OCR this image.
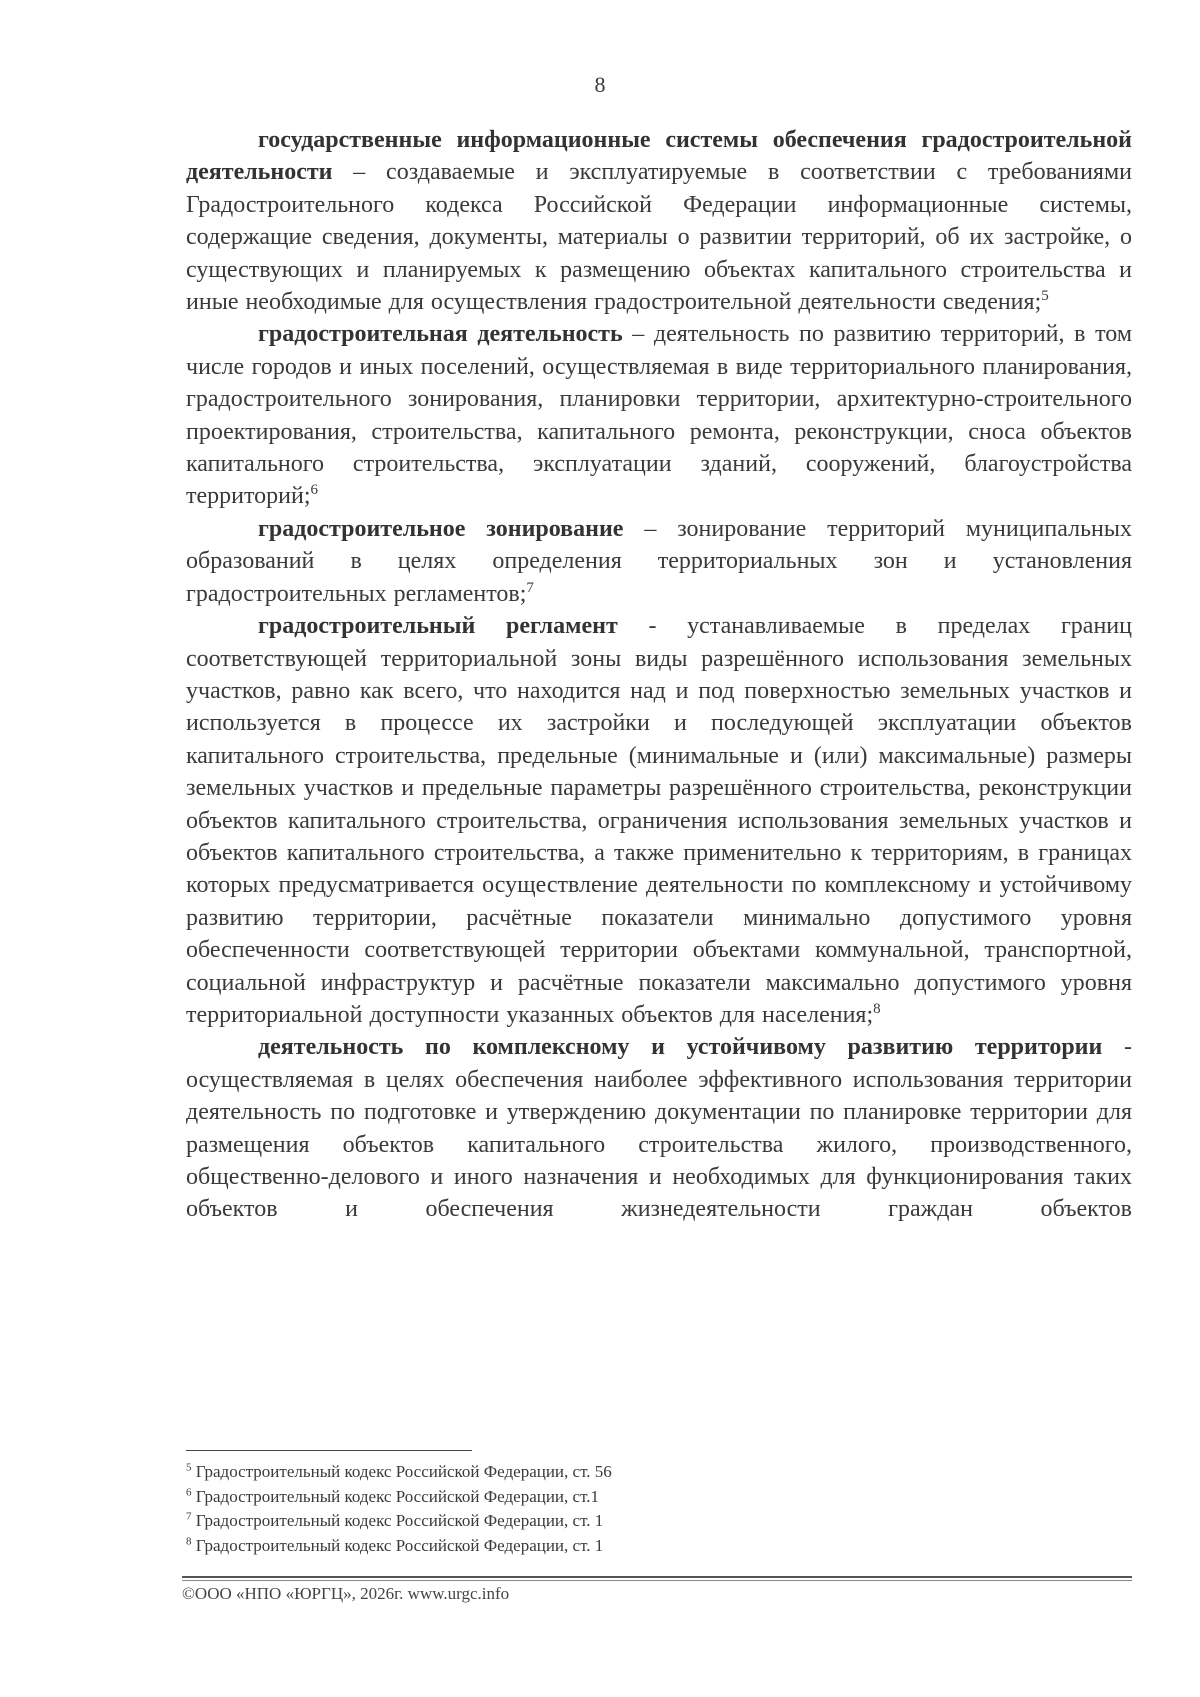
8

государственные информационные системы обеспечения градостроительной деятельности – создаваемые и эксплуатируемые в соответствии с требованиями Градостроительного кодекса Российской Федерации информационные системы, содержащие сведения, документы, материалы о развитии территорий, об их застройке, о существующих и планируемых к размещению объектах капитального строительства и иные необходимые для осуществления градостроительной деятельности сведения;$^5$

градостроительная деятельность – деятельность по развитию территорий, в том числе городов и иных поселений, осуществляемая в виде территориального планирования, градостроительного зонирования, планировки территории, архитектурно-строительного проектирования, строительства, капитального ремонта, реконструкции, сноса объектов капитального строительства, эксплуатации зданий, сооружений, благоустройства территорий;$^6$

градостроительное зонирование – зонирование территорий муниципальных образований в целях определения территориальных зон и установления градостроительных регламентов;$^7$

градостроительный регламент - устанавливаемые в пределах границ соответствующей территориальной зоны виды разрешённого использования земельных участков, равно как всего, что находится над и под поверхностью земельных участков и используется в процессе их застройки и последующей эксплуатации объектов капитального строительства, предельные (минимальные и (или) максимальные) размеры земельных участков и предельные параметры разрешённого строительства, реконструкции объектов капитального строительства, ограничения использования земельных участков и объектов капитального строительства, а также применительно к территориям, в границах которых предусматривается осуществление деятельности по комплексному и устойчивому развитию территории, расчётные показатели минимально допустимого уровня обеспеченности соответствующей территории объектами коммунальной, транспортной, социальной инфраструктур и расчётные показатели максимально допустимого уровня территориальной доступности указанных объектов для населения;$^8$

деятельность по комплексному и устойчивому развитию территории - осуществляемая в целях обеспечения наиболее эффективного использования территории деятельность по подготовке и утверждению документации по планировке территории для размещения объектов капитального строительства жилого, производственного, общественно-делового и иного назначения и необходимых для функционирования таких объектов и обеспечения жизнедеятельности граждан объектов

$^5$ Градостроительный кодекс Российской Федерации, ст. 56
$^6$ Градостроительный кодекс Российской Федерации, ст.1
$^7$ Градостроительный кодекс Российской Федерации, ст. 1
$^8$ Градостроительный кодекс Российской Федерации, ст. 1
©ООО «НПО «ЮРГЦ», 2026г. www.urgc.info
